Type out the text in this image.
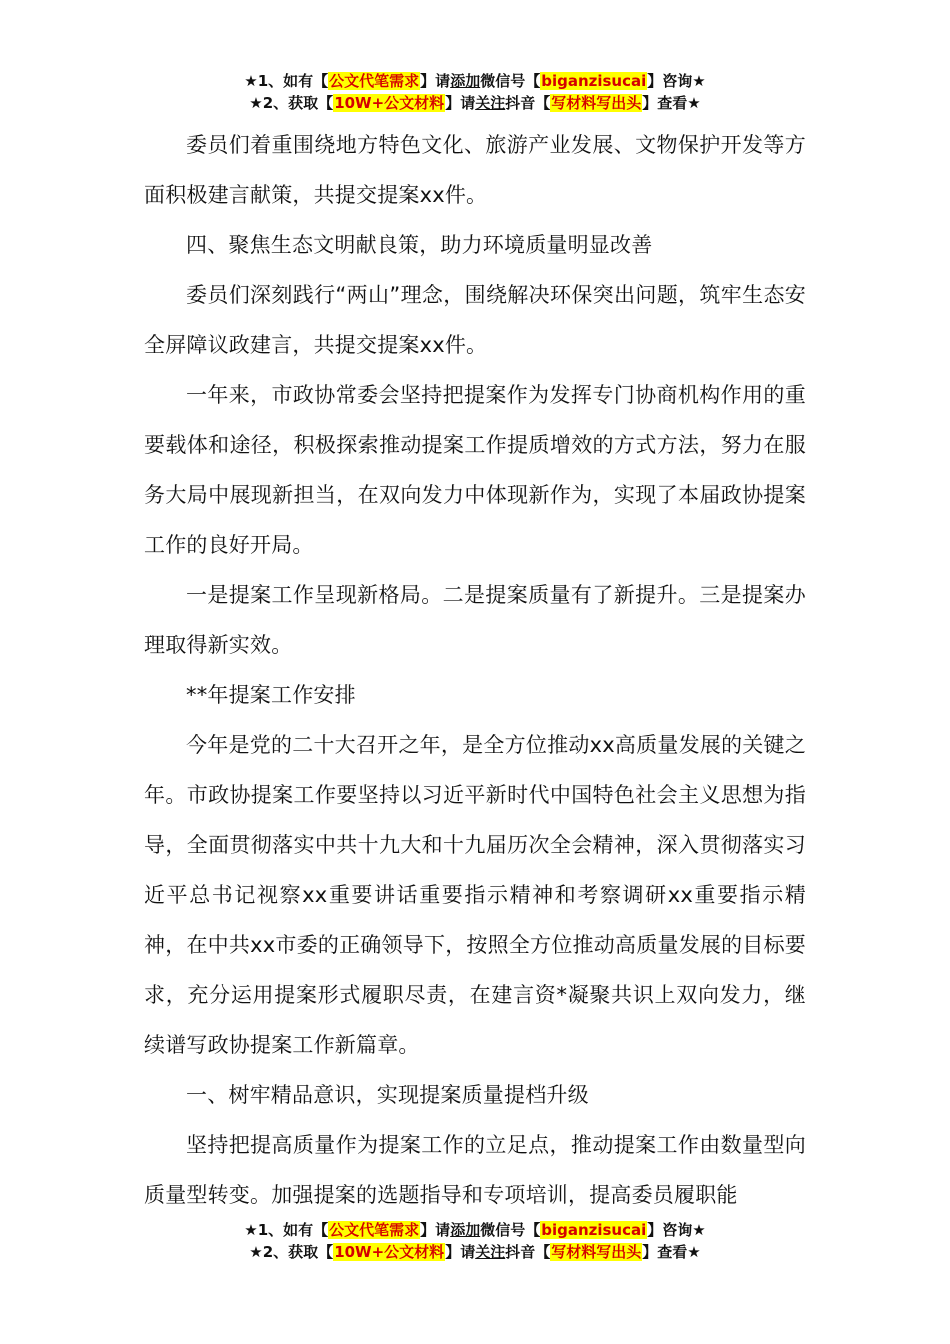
★1、如有【公文代笔需求】请添加微信号【biganzisucai】咨询★
★2、获取【10W+公文材料】请关注抖音【写材料写出头】查看★

委员们着重围绕地方特色文化、旅游产业发展、文物保护开发等方面积极建言献策，共提交提案xx件。

四、聚焦生态文明献良策，助力环境质量明显改善

委员们深刻践行“两山”理念，围绕解决环保突出问题，筑牢生态安全屏障议政建言，共提交提案xx件。

一年来，市政协常委会坚持把提案作为发挥专门协商机构作用的重要载体和途径，积极探索推动提案工作提质增效的方式方法，努力在服务大局中展现新担当，在双向发力中体现新作为，实现了本届政协提案工作的良好开局。

一是提案工作呈现新格局。二是提案质量有了新提升。三是提案办理取得新实效。

**年提案工作安排

今年是党的二十大召开之年，是全方位推动xx高质量发展的关键之年。市政协提案工作要坚持以习近平新时代中国特色社会主义思想为指导，全面贯彻落实中共十九大和十九届历次全会精神，深入贯彻落实习近平总书记视察xx重要讲话重要指示精神和考察调研xx重要指示精神，在中共xx市委的正确领导下，按照全方位推动高质量发展的目标要求，充分运用提案形式履职尽责，在建言资*凝聚共识上双向发力，继续谱写政协提案工作新篇章。

一、树牢精品意识，实现提案质量提档升级

坚持把提高质量作为提案工作的立足点，推动提案工作由数量型向质量型转变。加强提案的选题指导和专项培训，提高委员履职能

★1、如有【公文代笔需求】请添加微信号【biganzisucai】咨询★
★2、获取【10W+公文材料】请关注抖音【写材料写出头】查看★
